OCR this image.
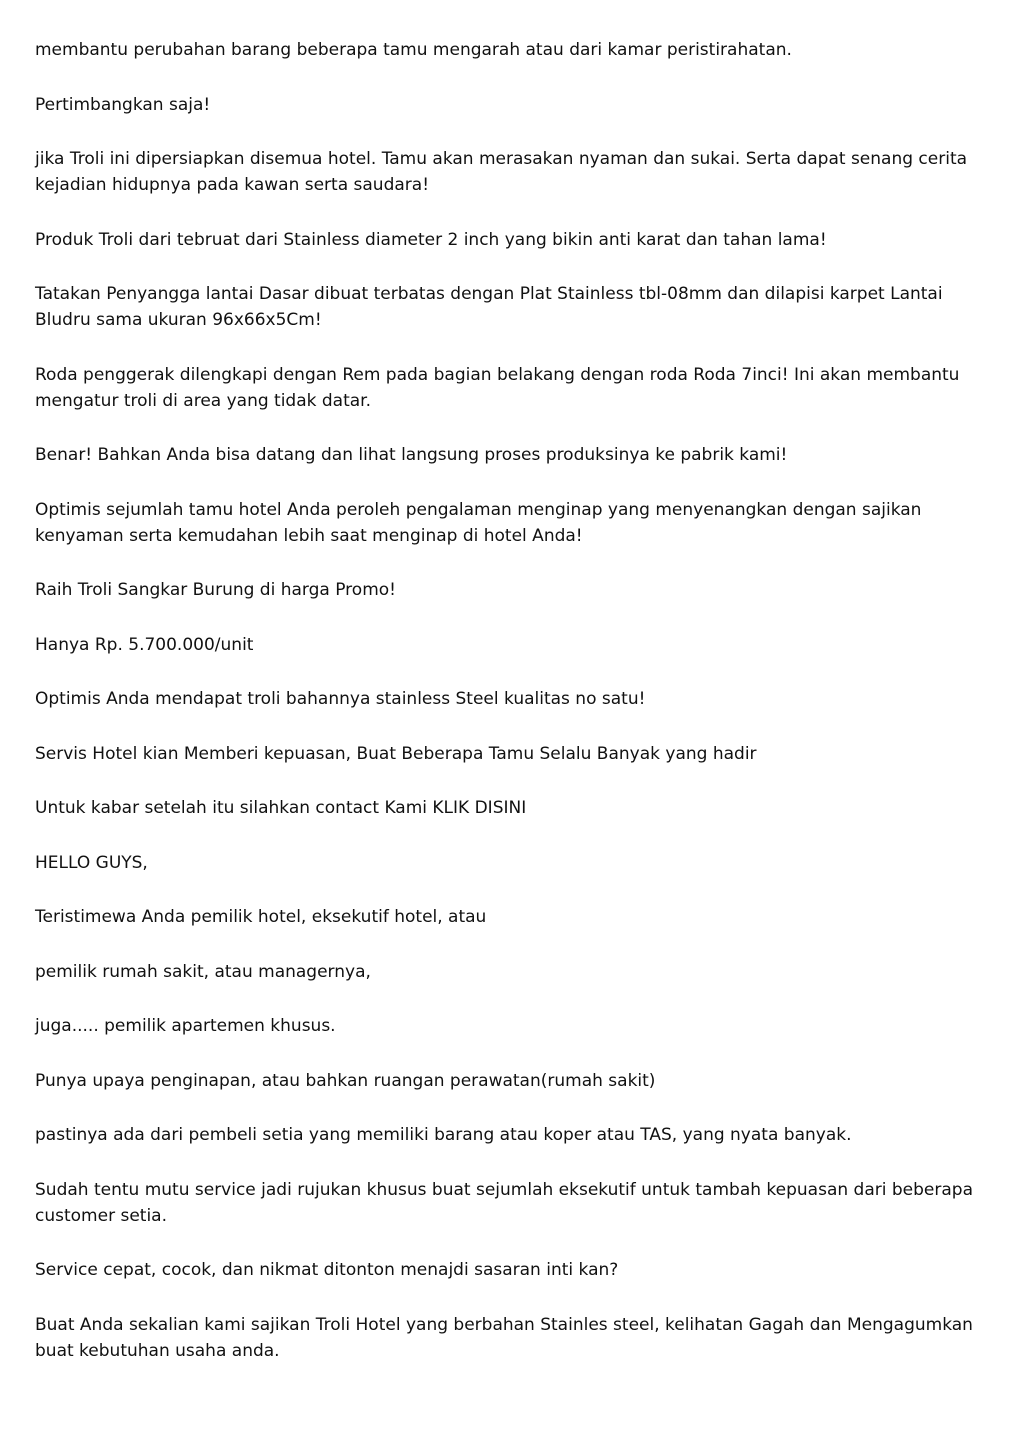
membantu perubahan barang beberapa tamu mengarah atau dari kamar peristirahatan.

Pertimbangkan saja!

jika Troli ini dipersiapkan disemua hotel. Tamu akan merasakan nyaman dan sukai. Serta dapat senang cerita kejadian hidupnya pada kawan serta saudara!

Produk Troli dari tebruat dari Stainless diameter 2 inch yang bikin anti karat dan tahan lama!

Tatakan Penyangga lantai Dasar dibuat terbatas dengan Plat Stainless tbl-08mm dan dilapisi karpet Lantai Bludru sama ukuran 96x66x5Cm!

Roda penggerak dilengkapi dengan Rem pada bagian belakang dengan roda Roda 7inci! Ini akan membantu mengatur troli di area yang tidak datar.

Benar! Bahkan Anda bisa datang dan lihat langsung proses produksinya ke pabrik kami!

Optimis sejumlah tamu hotel Anda peroleh pengalaman menginap yang menyenangkan dengan sajikan kenyaman serta kemudahan lebih saat menginap di hotel Anda!

Raih Troli Sangkar Burung di harga Promo!

Hanya Rp. 5.700.000/unit

Optimis Anda mendapat troli bahannya stainless Steel kualitas no satu!

Servis Hotel kian Memberi kepuasan, Buat Beberapa Tamu Selalu Banyak yang hadir

Untuk kabar setelah itu silahkan contact Kami KLIK DISINI

HELLO GUYS,

Teristimewa Anda pemilik hotel, eksekutif hotel, atau

pemilik rumah sakit, atau managernya,

juga..... pemilik apartemen khusus.

Punya upaya penginapan, atau bahkan ruangan perawatan(rumah sakit)

pastinya ada dari pembeli setia yang memiliki barang atau koper atau TAS, yang nyata banyak.

Sudah tentu mutu service jadi rujukan khusus buat sejumlah eksekutif untuk tambah kepuasan dari beberapa customer setia.

Service cepat, cocok, dan nikmat ditonton menajdi sasaran inti kan?

Buat Anda sekalian kami sajikan Troli Hotel yang berbahan Stainles steel, kelihatan Gagah dan Mengagumkan buat kebutuhan usaha anda.
